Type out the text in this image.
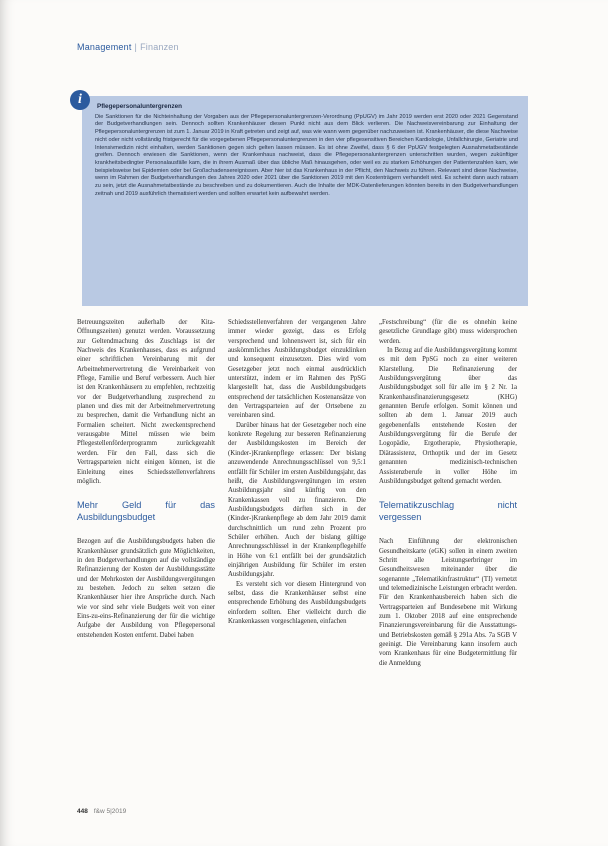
Management | Finanzen
i	Pflegepersonaluntergrenzen

Die Sanktionen für die Nichteinhaltung der Vorgaben aus der Pflegepersonaluntergrenzen-Verordnung (PpUGV) im Jahr 2019 werden erst 2020 oder 2021 Gegenstand der Budgetverhandlungen sein. Dennoch sollten Krankenhäuser diesen Punkt nicht aus dem Blick verlieren. Die Nachweisvereinbarung zur Einhaltung der Pflegepersonaluntergrenzen ist zum 1. Januar 2019 in Kraft getreten und zeigt auf, was wie wann wem gegenüber nachzuweisen ist. Krankenhäuser, die diese Nachweise nicht oder nicht vollständig fristgerecht für die vorgegebenen Pflegepersonaluntergrenzen in den vier pflegesensitiven Bereichen Kardiologie, Unfallchirurgie, Geriatrie und Intensivmedizin nicht einhalten, werden Sanktionen gegen sich gelten lassen müssen. Es ist ohne Zweifel, dass § 6 der PpUGV festgelegten Ausnahmetatbestände greifen. Dennoch erwiesen die Sanktionen, wenn der Krankenhaus nachweist, dass die Pflegepersonaluntergrenzen unterschritten wurden, wegen zukünftiger krankheitsbedingter Personalausfälle kam, die in ihrem Ausmaß über das übliche Maß hinausgehen, oder weil es zu starken Erhöhungen der Patientenzahlen kam, wie beispielsweise bei Epidemien oder bei Großschadensereignissen. Aber hier ist das Krankenhaus in der Pflicht, den Nachweis zu führen. Relevant sind diese Nachweise, wenn im Rahmen der Budgetverhandlungen des Jahres 2020 oder 2021 über die Sanktionen 2019 mit den Kostenträgern verhandelt wird. Es scheint dann auch ratsam zu sein, jetzt die Ausnahmetatbestände zu beschreiben und zu dokumentieren. Auch die Inhalte der MDK-Datenlieferungen könnten bereits in den Budgetverhandlungen zeitnah und 2019 ausführlich thematisiert werden und sollten erwartet kein aufbewahrt werden.

Betreuungszeiten außerhalb der Kita-Öffnungszeiten) genutzt werden. Voraussetzung zur Geltendmachung des Zuschlags ist der Nachweis des Krankenhauses, dass es aufgrund einer schriftlichen Vereinbarung mit der Arbeitnehmervertretung die Vereinbarkeit von Pflege, Familie und Beruf verbessern. Auch hier ist den Krankenhäusern zu empfehlen, rechtzeitig vor der Budgetverhandlung zusprechend zu planen und dies mit der Arbeitnehmervertretung zu besprechen, damit die Verhandlung nicht an Formalien scheitert. Nicht zweckentsprechend verausgabte Mittel müssen wie beim Pflegestellenförderprogramm zurückgezahlt werden. Für den Fall, dass sich die Vertragsparteien nicht einigen können, ist die Einleitung eines Schiedsstellenverfahrens möglich.

Mehr Geld für das Ausbildungsbudget

Bezogen auf die Ausbildungsbudgets haben die Krankenhäuser grundsätzlich gute Möglichkeiten, in den Budgetverhandlungen auf die vollständige Refinanzierung der Kosten der Ausbildungsstätte und der Mehrkosten der Ausbildungsvergütungen zu bestehen. Jedoch zu selten setzen die Krankenhäuser hier ihre Ansprüche durch. Nach wie vor sind sehr viele Budgets weit von einer Eins-zu-eins-Refinanzierung der für die wichtige Aufgabe der Ausbildung von Pflegepersonal entstehenden Kosten entfernt. Dabei haben

Schiedsstellenverfahren der vergangenen Jahre immer wieder gezeigt, dass es Erfolg versprechend und lohnenswert ist, sich für ein auskömmliches Ausbildungsbudget einzuklinken und konsequent einzusetzen. Dies wird vom Gesetzgeber jetzt noch einmal ausdrücklich unterstützt, indem er im Rahmen des PpSG klargestellt hat, dass die Ausbildungsbudgets entsprechend der tatsächlichen Kostenansätze von den Vertragsparteien auf der Ortsebene zu vereinbaren sind.

Darüber hinaus hat der Gesetzgeber noch eine konkrete Regelung zur besseren Refinanzierung der Ausbildungskosten im Bereich der (Kinder-)Krankenpflege erlassen: Der bislang anzuwendende Anrechnungsschlüssel von 9,5:1 entfällt für Schüler im ersten Ausbildungsjahr, das heißt, die Ausbildungsvergütungen im ersten Ausbildungsjahr sind künftig von den Krankenkassen voll zu finanzieren. Die Ausbildungsbudgets dürften sich in der (Kinder-)Krankenpflege ab dem Jahr 2019 damit durchschnittlich um rund zehn Prozent pro Schüler erhöhen. Auch der bislang gültige Anrechnungsschlüssel in der Krankenpflegehilfe in Höhe von 6:1 entfällt bei der grundsätzlich einjährigen Ausbildung für Schüler im ersten Ausbildungsjahr.

Es versteht sich vor diesem Hintergrund von selbst, dass die Krankenhäuser selbst eine entsprechende Erhöhung des Ausbildungsbudgets einfordern sollten. Eher vielleicht durch die Krankenkassen vorgeschlagenen, einfachen

„Festschreibung“ (für die es ohnehin keine gesetzliche Grundlage gibt) muss widersprochen werden.

In Bezug auf die Ausbildungsvergütung kommt es mit dem PpSG noch zu einer weiteren Klarstellung. Die Refinanzierung der Ausbildungsvergütung über das Ausbildungsbudget soll für alle im § 2 Nr. 1a Krankenhausfinanzierungsgesetz (KHG) genannten Berufe erfolgen. Somit können und sollten ab dem 1. Januar 2019 auch gegebenenfalls entstehende Kosten der Ausbildungsvergütung für die Berufe der Logopädie, Ergotherapie, Physiotherapie, Diätassistenz, Orthoptik und der im Gesetz genannten medizinisch-technischen Assistenzberufe in voller Höhe im Ausbildungsbudget geltend gemacht werden.

Telematikzuschlag nicht vergessen

Nach Einführung der elektronischen Gesundheitskarte (eGK) sollen in einem zweiten Schritt alle Leistungserbringer im Gesundheitswesen miteinander über die sogenannte „Telematikinfrastruktur“ (TI) vernetzt und telemedizinische Leistungen erbracht werden. Für den Krankenhausbereich haben sich die Vertragsparteien auf Bundesebene mit Wirkung zum 1. Oktober 2018 auf eine entsprechende Finanzierungsvereinbarung für die Ausstattungs- und Betriebskosten gemäß § 291a Abs. 7a SGB V geeinigt. Die Vereinbarung kann insofern auch vom Krankenhaus für eine Budgetermittlung für die Anmeldung

448 f&w 5|2019
